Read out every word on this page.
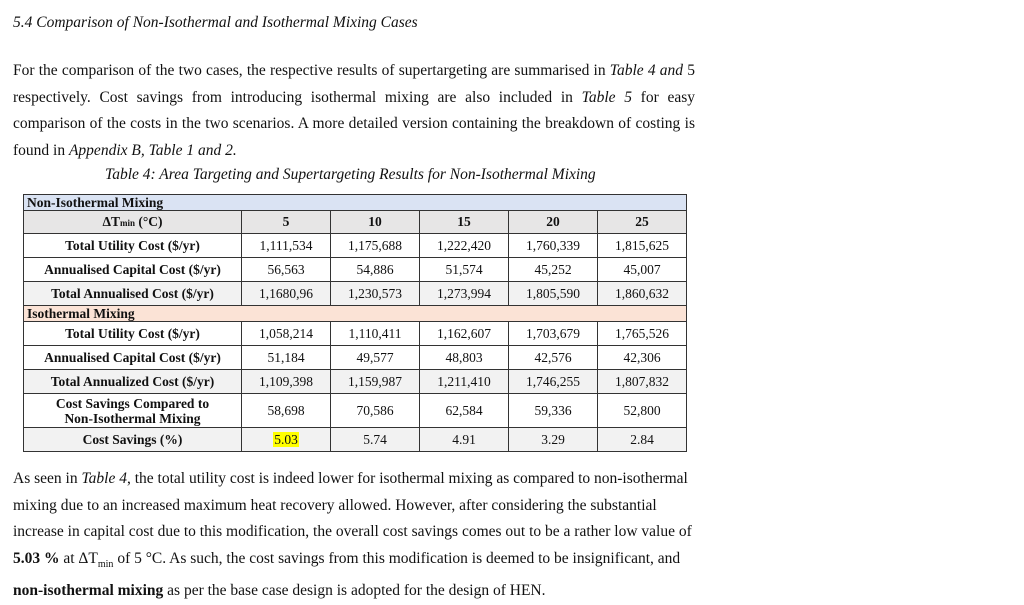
5.4 Comparison of Non-Isothermal and Isothermal Mixing Cases
For the comparison of the two cases, the respective results of supertargeting are summarised in Table 4 and 5 respectively. Cost savings from introducing isothermal mixing are also included in Table 5 for easy comparison of the costs in the two scenarios. A more detailed version containing the breakdown of costing is found in Appendix B, Table 1 and 2.
Table 4: Area Targeting and Supertargeting Results for Non-Isothermal Mixing
Non-Isothermal Mixing					
ΔTmin (°C)	5	10	15	20	25
Total Utility Cost ($/yr)	1,111,534	1,175,688	1,222,420	1,760,339	1,815,625
Annualised Capital Cost ($/yr)	56,563	54,886	51,574	45,252	45,007
Total Annualised Cost ($/yr)	1,1680,96	1,230,573	1,273,994	1,805,590	1,860,632
Isothermal Mixing					
Total Utility Cost ($/yr)	1,058,214	1,110,411	1,162,607	1,703,679	1,765,526
Annualised Capital Cost ($/yr)	51,184	49,577	48,803	42,576	42,306
Total Annualized Cost ($/yr)	1,109,398	1,159,987	1,211,410	1,746,255	1,807,832
Cost Savings Compared to
Non-Isothermal Mixing	58,698	70,586	62,584	59,336	52,800
Cost Savings (%)	5.03	5.74	4.91	3.29	2.84
As seen in Table 4, the total utility cost is indeed lower for isothermal mixing as compared to non-isothermal mixing due to an increased maximum heat recovery allowed. However, after considering the substantial increase in capital cost due to this modification, the overall cost savings comes out to be a rather low value of 5.03 % at $\Delta T_{min}$ of 5 °C. As such, the cost savings from this modification is deemed to be insignificant, and non-isothermal mixing as per the base case design is adopted for the design of HEN.
